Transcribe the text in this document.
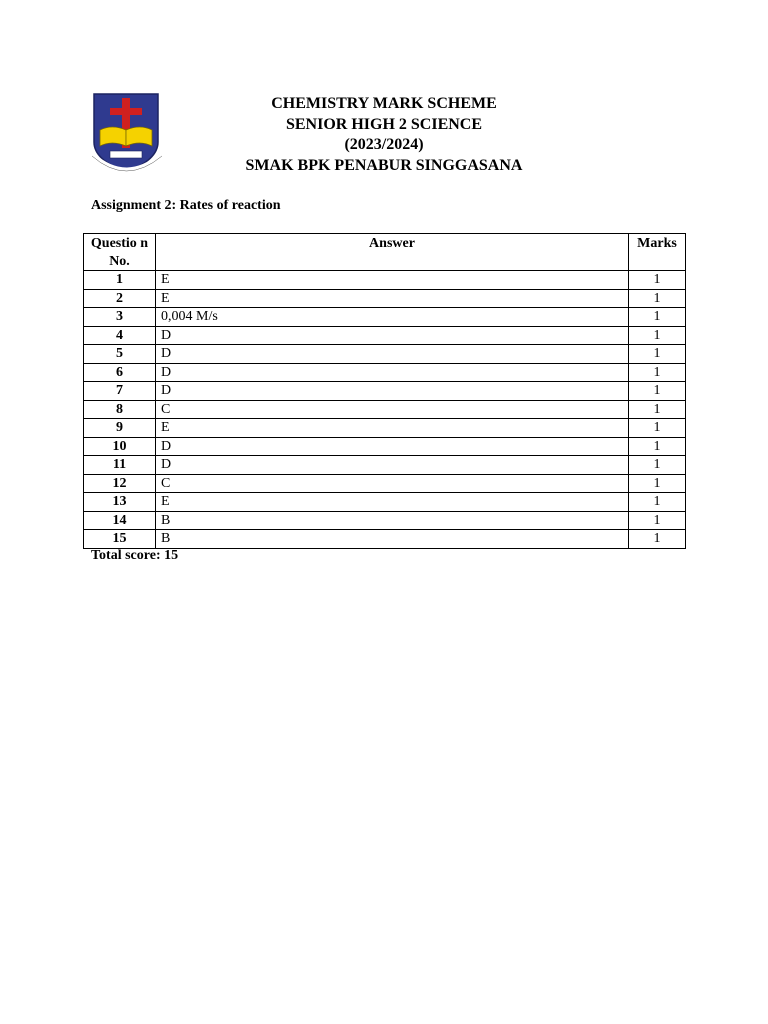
CHEMISTRY MARK SCHEME
SENIOR HIGH 2 SCIENCE
(2023/2024)
SMAK BPK PENABUR SINGGASANA
Assignment 2: Rates of reaction
Questio n No.	Answer	Marks
1	E	1
2	E	1
3	0,004 M/s	1
4	D	1
5	D	1
6	D	1
7	D	1
8	C	1
9	E	1
10	D	1
11	D	1
12	C	1
13	E	1
14	B	1
15	B	1
Total score: 15
